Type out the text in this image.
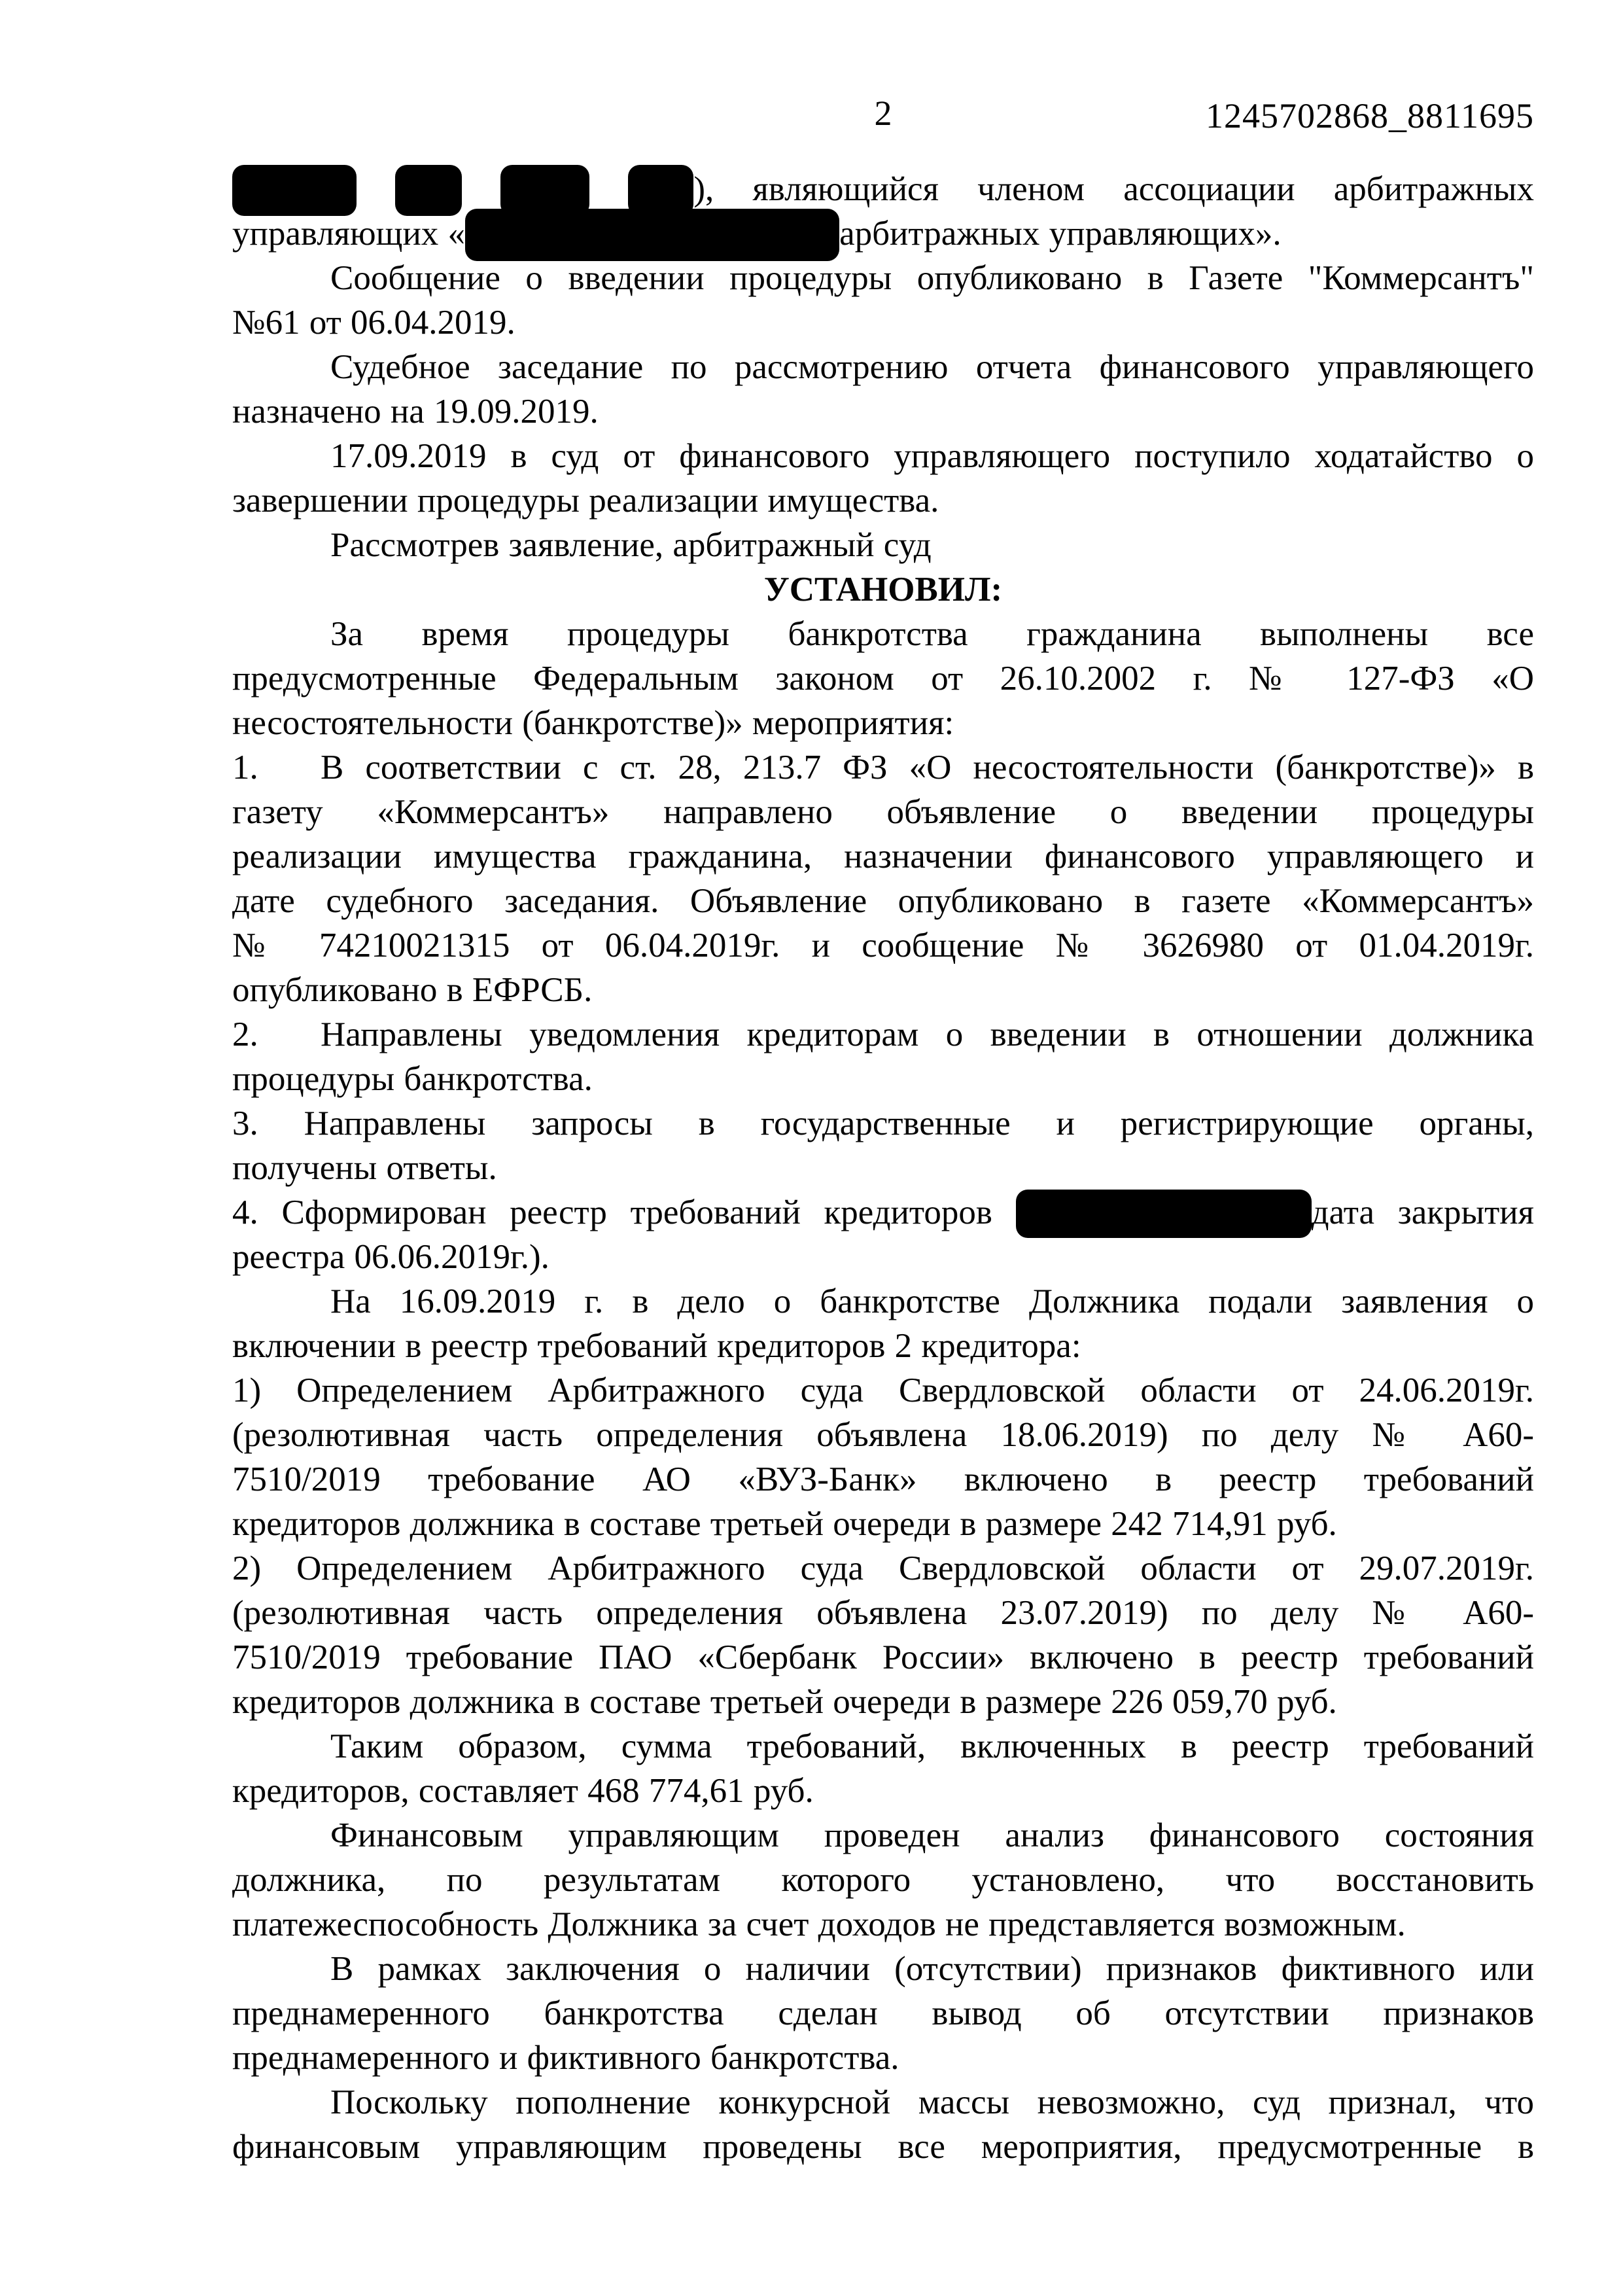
2	1245702868_8811695
), являющийся членом ассоциации арбитражных
управляющих «	арбитражных управляющих».
Сообщение о введении процедуры опубликовано в Газете "Коммерсантъ"
№61 от 06.04.2019.
Судебное заседание по рассмотрению отчета финансового управляющего
назначено на 19.09.2019.
17.09.2019 в суд от финансового управляющего поступило ходатайство о
завершении процедуры реализации имущества.
Рассмотрев заявление, арбитражный суд
УСТАНОВИЛ:
За время процедуры банкротства гражданина выполнены все
предусмотренные Федеральным законом от 26.10.2002 г. № 127-ФЗ «О
несостоятельности (банкротстве)» мероприятия:
1. В соответствии с ст. 28, 213.7 ФЗ «О несостоятельности (банкротстве)» в
газету «Коммерсантъ» направлено объявление о введении процедуры
реализации имущества гражданина, назначении финансового управляющего и
дате судебного заседания. Объявление опубликовано в газете «Коммерсантъ»
№ 74210021315 от 06.04.2019г. и сообщение № 3626980 от 01.04.2019г.
опубликовано в ЕФРСБ.
2. Направлены уведомления кредиторам о введении в отношении должника
процедуры банкротства.
3. Направлены запросы в государственные и регистрирующие органы,
получены ответы.
4. Сформирован реестр требований кредиторов	дата закрытия
реестра 06.06.2019г.).
На 16.09.2019 г. в дело о банкротстве Должника подали заявления о
включении в реестр требований кредиторов 2 кредитора:
1) Определением Арбитражного суда Свердловской области от 24.06.2019г.
(резолютивная часть определения объявлена 18.06.2019) по делу № А60-
7510/2019 требование АО «ВУЗ-Банк» включено в реестр требований
кредиторов должника в составе третьей очереди в размере 242 714,91 руб.
2) Определением Арбитражного суда Свердловской области от 29.07.2019г.
(резолютивная часть определения объявлена 23.07.2019) по делу № А60-
7510/2019 требование ПАО «Сбербанк России» включено в реестр требований
кредиторов должника в составе третьей очереди в размере 226 059,70 руб.
Таким образом, сумма требований, включенных в реестр требований
кредиторов, составляет 468 774,61 руб.
Финансовым управляющим проведен анализ финансового состояния
должника, по результатам которого установлено, что восстановить
платежеспособность Должника за счет доходов не представляется возможным.
В рамках заключения о наличии (отсутствии) признаков фиктивного или
преднамеренного банкротства сделан вывод об отсутствии признаков
преднамеренного и фиктивного банкротства.
Поскольку пополнение конкурсной массы невозможно, суд признал, что
финансовым управляющим проведены все мероприятия, предусмотренные в
